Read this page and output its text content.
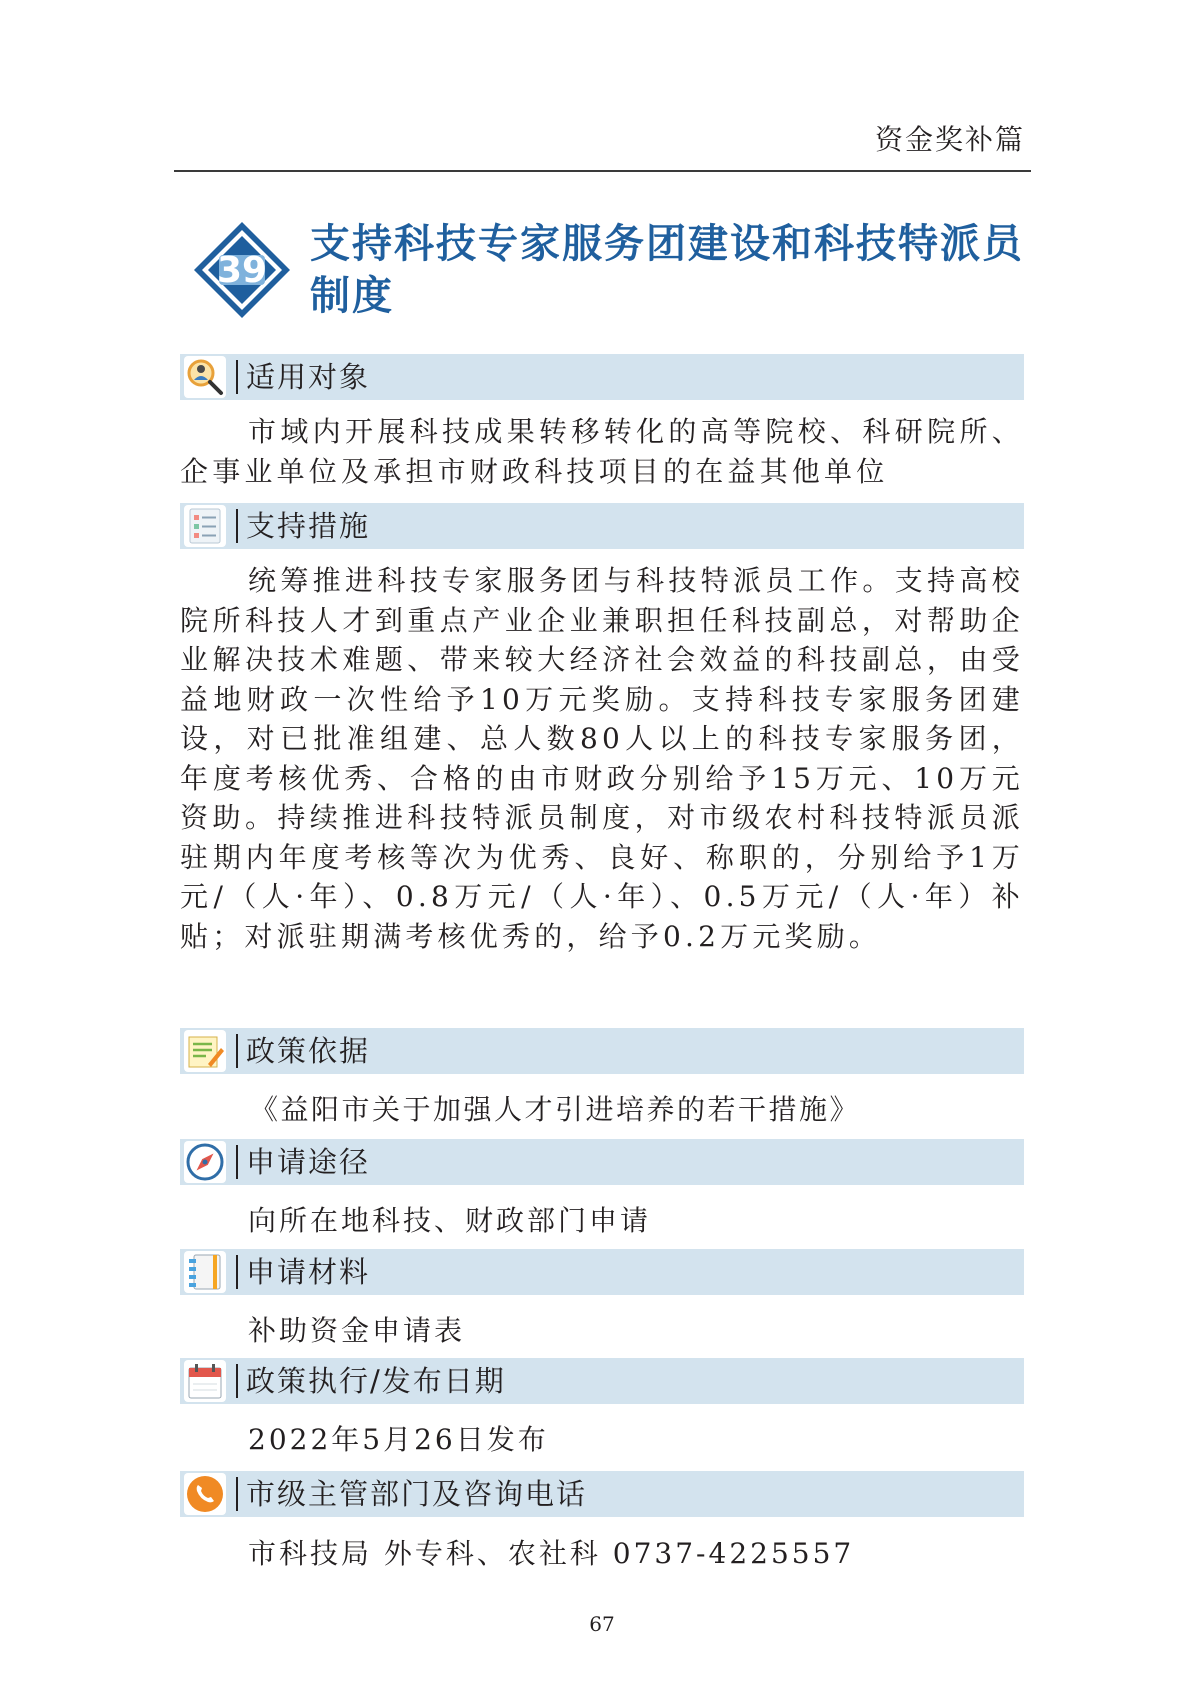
资金奖补篇
39
支持科技专家服务团建设和科技特派员制度
适用对象

市域内开展科技成果转移转化的高等院校、科研院所、企事业单位及承担市财政科技项目的在益其他单位

支持措施

统筹推进科技专家服务团与科技特派员工作。支持高校院所科技人才到重点产业企业兼职担任科技副总，对帮助企业解决技术难题、带来较大经济社会效益的科技副总，由受益地财政一次性给予10万元奖励。支持科技专家服务团建设，对已批准组建、总人数80人以上的科技专家服务团，年度考核优秀、合格的由市财政分别给予15万元、10万元资助。持续推进科技特派员制度，对市级农村科技特派员派驻期内年度考核等次为优秀、良好、称职的，分别给予1万元/（人·年）、0.8万元/（人·年）、0.5万元/（人·年）补贴；对派驻期满考核优秀的，给予0.2万元奖励。

政策依据

《益阳市关于加强人才引进培养的若干措施》

申请途径

向所在地科技、财政部门申请

申请材料

补助资金申请表

政策执行/发布日期

2022年5月26日发布

市级主管部门及咨询电话

市科技局 外专科、农社科 0737-4225557

67
